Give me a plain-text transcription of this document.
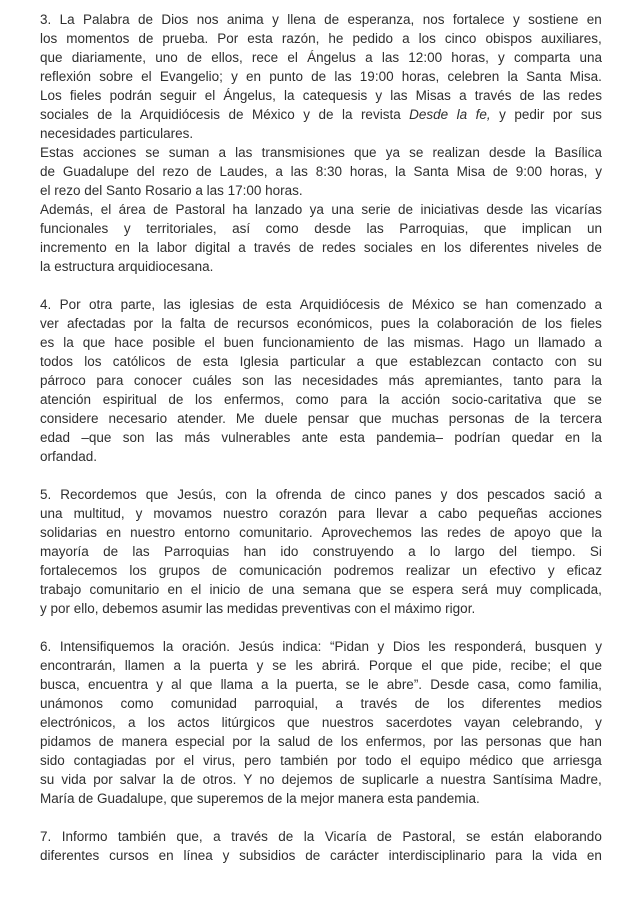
3. La Palabra de Dios nos anima y llena de esperanza, nos fortalece y sostiene en
los momentos de prueba. Por esta razón, he pedido a los cinco obispos auxiliares,
que diariamente, uno de ellos, rece el Ángelus a las 12:00 horas, y comparta una
reflexión sobre el Evangelio; y en punto de las 19:00 horas, celebren la Santa Misa.
Los fieles podrán seguir el Ángelus, la catequesis y las Misas a través de las redes
sociales de la Arquidiócesis de México y de la revista Desde la fe, y pedir por sus
necesidades particulares.
Estas acciones se suman a las transmisiones que ya se realizan desde la Basílica
de Guadalupe del rezo de Laudes, a las 8:30 horas, la Santa Misa de 9:00 horas, y
el rezo del Santo Rosario a las 17:00 horas.
Además, el área de Pastoral ha lanzado ya una serie de iniciativas desde las vicarías
funcionales y territoriales, así como desde las Parroquias, que implican un
incremento en la labor digital a través de redes sociales en los diferentes niveles de
la estructura arquidiocesana.
4. Por otra parte, las iglesias de esta Arquidiócesis de México se han comenzado a
ver afectadas por la falta de recursos económicos, pues la colaboración de los fieles
es la que hace posible el buen funcionamiento de las mismas. Hago un llamado a
todos los católicos de esta Iglesia particular a que establezcan contacto con su
párroco para conocer cuáles son las necesidades más apremiantes, tanto para la
atención espiritual de los enfermos, como para la acción socio-caritativa que se
considere necesario atender. Me duele pensar que muchas personas de la tercera
edad –que son las más vulnerables ante esta pandemia– podrían quedar en la
orfandad.
5. Recordemos que Jesús, con la ofrenda de cinco panes y dos pescados sació a
una multitud, y movamos nuestro corazón para llevar a cabo pequeñas acciones
solidarias en nuestro entorno comunitario. Aprovechemos las redes de apoyo que la
mayoría de las Parroquias han ido construyendo a lo largo del tiempo. Si
fortalecemos los grupos de comunicación podremos realizar un efectivo y eficaz
trabajo comunitario en el inicio de una semana que se espera será muy complicada,
y por ello, debemos asumir las medidas preventivas con el máximo rigor.
6. Intensifiquemos la oración. Jesús indica: “Pidan y Dios les responderá, busquen y
encontrarán, llamen a la puerta y se les abrirá. Porque el que pide, recibe; el que
busca, encuentra y al que llama a la puerta, se le abre”. Desde casa, como familia,
unámonos como comunidad parroquial, a través de los diferentes medios
electrónicos, a los actos litúrgicos que nuestros sacerdotes vayan celebrando, y
pidamos de manera especial por la salud de los enfermos, por las personas que han
sido contagiadas por el virus, pero también por todo el equipo médico que arriesga
su vida por salvar la de otros. Y no dejemos de suplicarle a nuestra Santísima Madre,
María de Guadalupe, que superemos de la mejor manera esta pandemia.
7. Informo también que, a través de la Vicaría de Pastoral, se están elaborando
diferentes cursos en línea y subsidios de carácter interdisciplinario para la vida en
